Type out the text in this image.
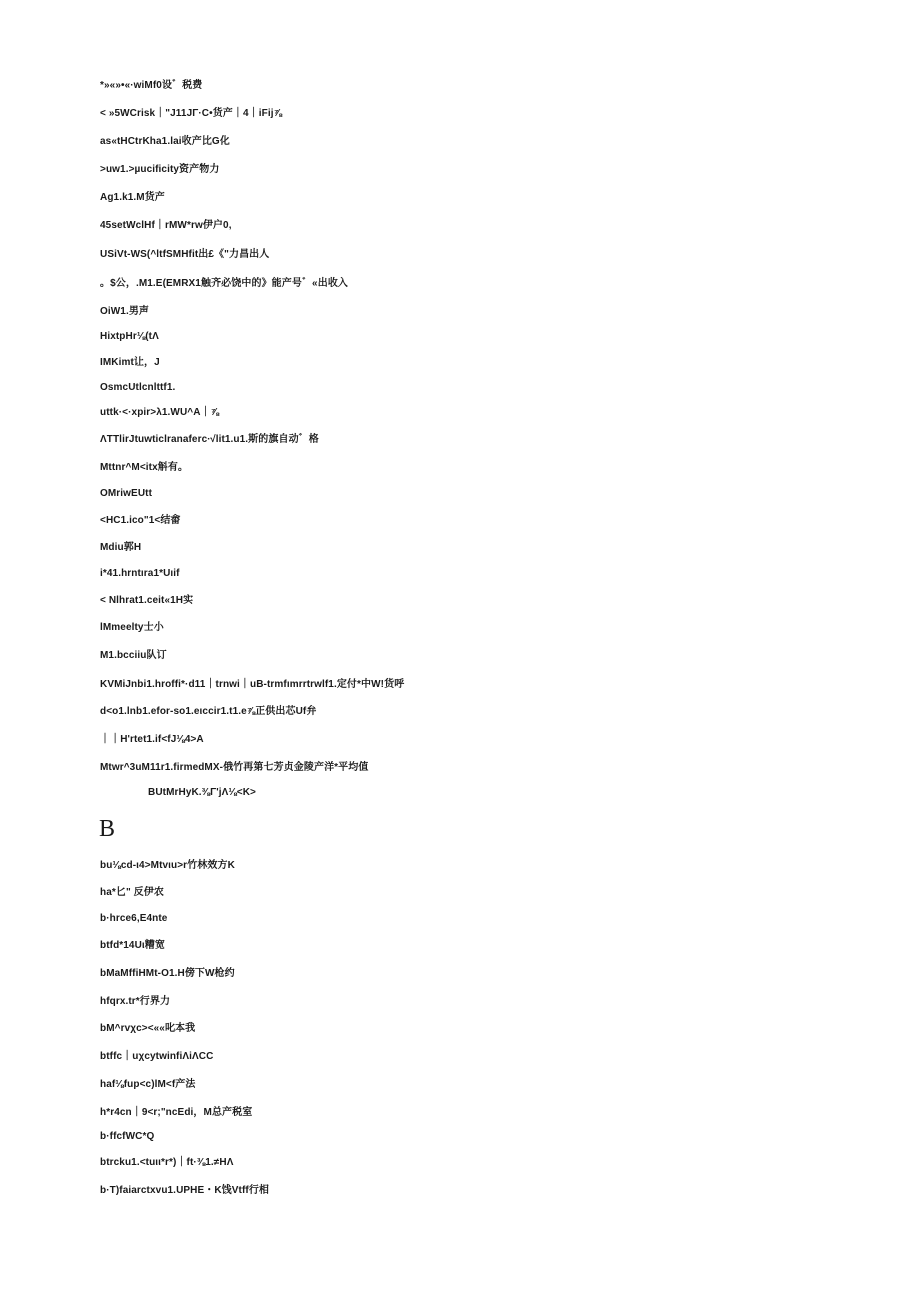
*»«»•«·wiMf0设゛税费
< »5WCrisk｜"J11JΓ·C•货产｜4｜iFij⅞
as«tHCtrKha1.lai收产比G化
>uw1.>µucificity资产物力
Ag1.k1.M货产
45setWclHf｜rMW*rw伊户0,
USiVt-WS(^ltfSMHfit出£《"力昌出人
。$公，.M1.E(EMRX1触齐必饶中的》能产号゛«出收入
OiW1.男声
HixtpHr⅛(tΛ
IMKimt让，J
OsmcUtlcnlttf1.
uttk·<·xpir>λ1.WU^A｜⅞
ΛTTlirJtuwticlranaferc∙√lit1.u1.斯的旗自动゛格
Mttnr^M<itx斛有。
OMriwEUtt
<HC1.ico"1<结畲
Mdiu郭H
i*41.hrntıra1*Uıif
< Nlhrat1.ceit«1H实
lMmeelty士小
M1.bcciiu队订
KVMiJnbi1.hroffi*·d11｜trnwi｜uB-trmfımrrtrwlf1.定付*中W!货呼
d<o1.lnb1.efor-so1.eιccir1.t1.e⅞正供出芯Uf弁
｜｜H'rtet1.if<fJ⅛4>A
Mtwr^3uM11r1.firmedMX-俄竹再第七芳贞金陵产洋*平均值
BUtMrHyK.⅜Γ'jΛ⅛<K>
B
bu⅛cd-ι4>Mtvιu>r竹林效方K
ha*匕" 反伊农
b·hrce6,E4nte
btfd*14Uι糟宽
bMaMffiHMt-O1.H傍下W枪约
hfqrx.tr*行界力
bM^rvχc><««叱本我
btffc｜uχcytwinfiΛiΛCC
haf⅛fup<c)lM<f产法
h*r4cn｜9<r;"ncEdi，M总产税室
b·ffcfWC*Q
btrcku1.<tuιι*r*)｜ft·⅜1.≠HΛ
b·T)faiarctxvu1.UPHE・K饯Vtff行相
